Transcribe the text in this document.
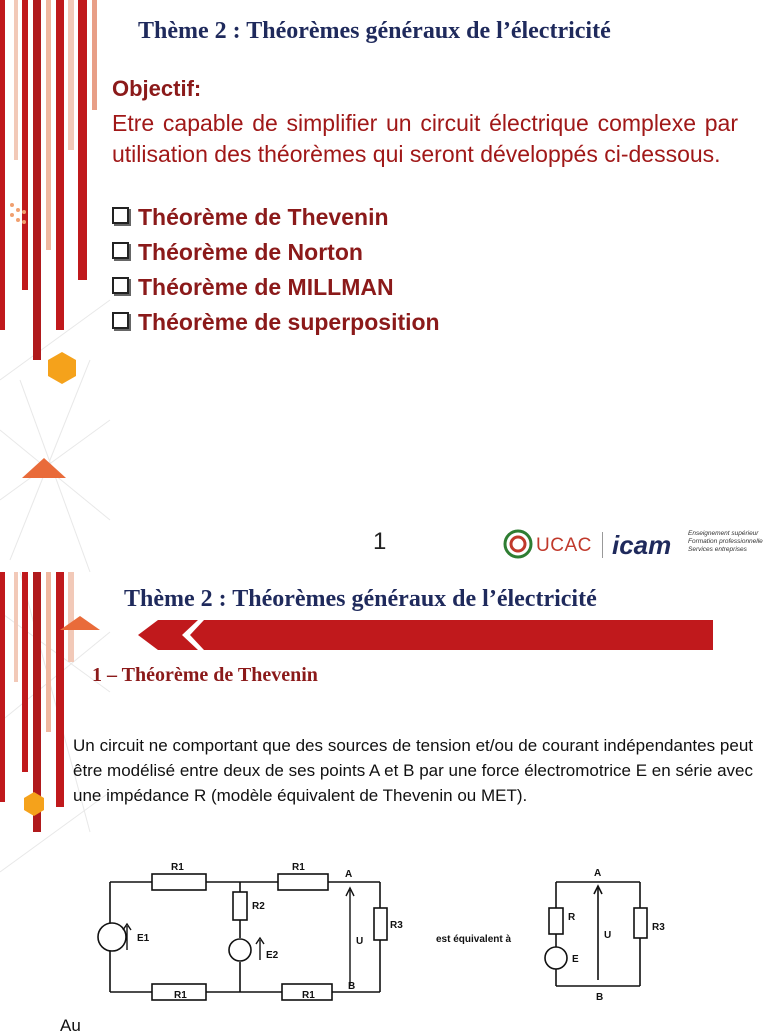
Thème 2 : Théorèmes généraux de l’électricité
Objectif:
Etre capable de simplifier un circuit électrique complexe par utilisation des théorèmes qui seront développés ci-dessous.
Théorème de Thevenin
Théorème de Norton
Théorème de MILLMAN
Théorème de superposition
1	UCAC icam	Enseignement supérieur
Formation professionnelle
Services entreprises
Thème 2 : Théorèmes généraux de l’électricité
1 – Théorème de Thevenin
Un circuit ne comportant que des sources de tension et/ou de courant indépendantes peut être modélisé entre deux de ses points A et B par une force électromotrice E en série avec une impédance R (modèle équivalent de Thevenin ou MET).
R1	R1
A
R2
R3
E1
E2
U
B
R1	R1
est équivalent à
A
R
U
R3
E
B
Au
